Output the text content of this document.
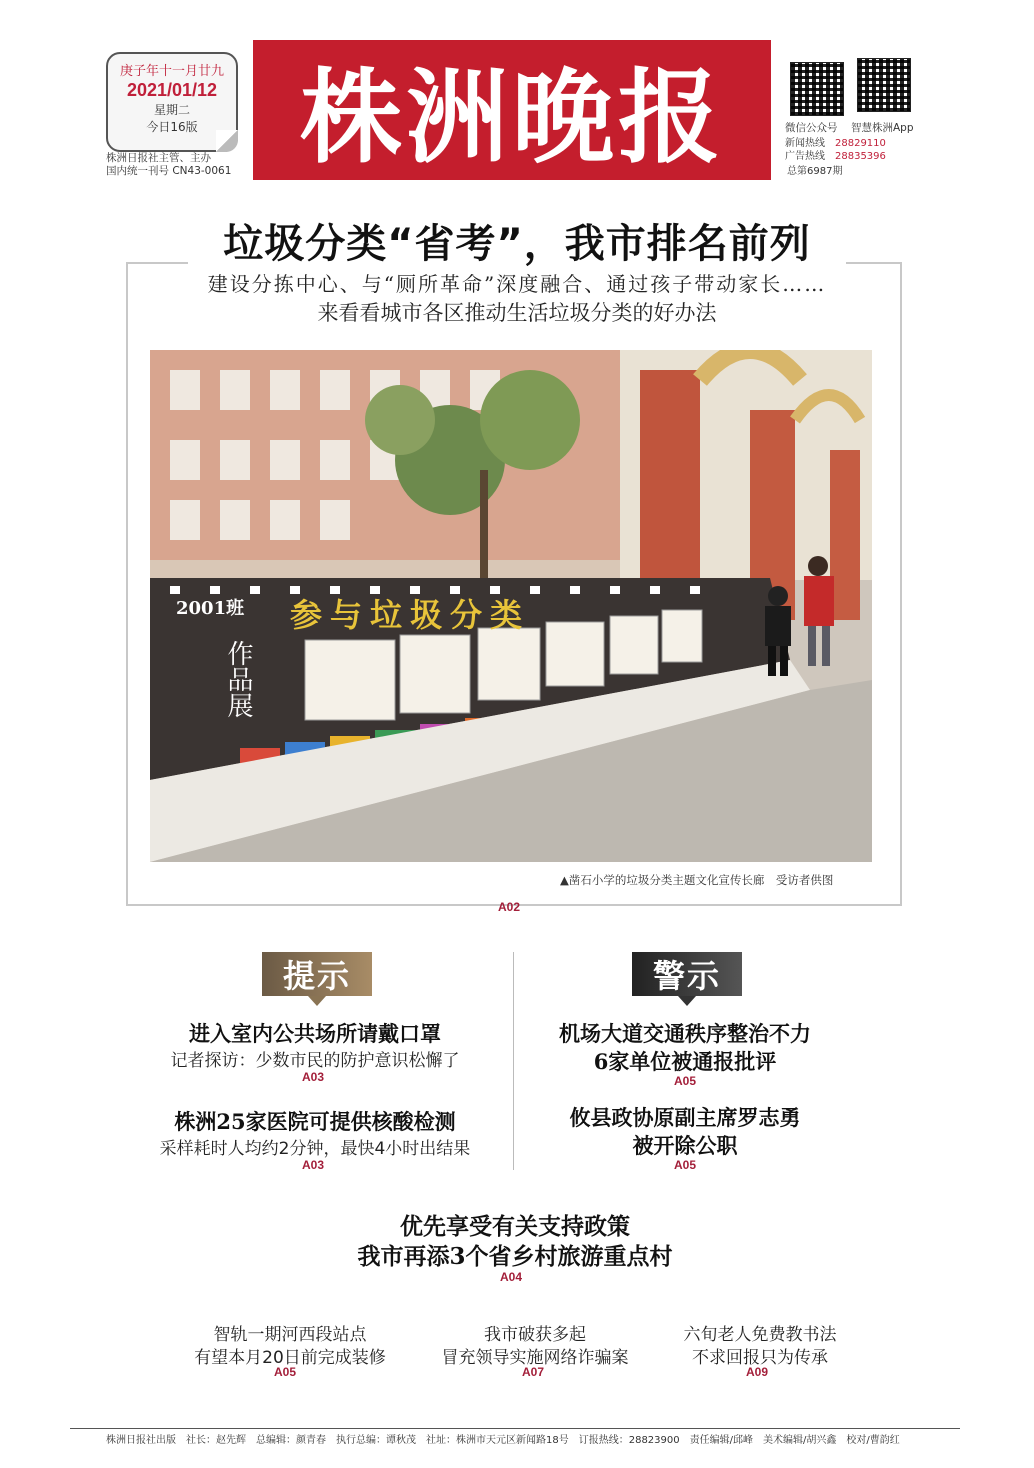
庚子年十一月廿九
2021/01/12
星期二
今日16版
株洲日报社主管、主办
国内统一刊号 CN43-0061 株洲晚报	微信公众号 智慧株洲App
新闻热线　 28829110
广告热线　 28835396
总第6987期
垃圾分类“省考”，我市排名前列
建设分拣中心、与“厕所革命”深度融合、通过孩子带动家长……
来看看城市各区推动生活垃圾分类的好办法
2001班 参与垃圾分类
作品展
▲凿石小学的垃圾分类主题文化宣传长廊　受访者供图
A02
提示
进入室内公共场所请戴口罩
记者探访：少数市民的防护意识松懈了
A03
株洲25家医院可提供核酸检测
采样耗时人均约2分钟，最快4小时出结果
A03
警示
机场大道交通秩序整治不力
6家单位被通报批评
A05
攸县政协原副主席罗志勇
被开除公职
A05
优先享受有关支持政策
我市再添3个省乡村旅游重点村
A04
智轨一期河西段站点
有望本月20日前完成装修
A05
我市破获多起
冒充领导实施网络诈骗案
A07
六旬老人免费教书法
不求回报只为传承
A09
株洲日报社出版　社长：赵先辉　总编辑：颜青春　执行总编：谭秋茂　社址：株洲市天元区新闻路18号　订报热线：28823900　责任编辑/邱峰　美术编辑/胡兴鑫　校对/曹韵红
